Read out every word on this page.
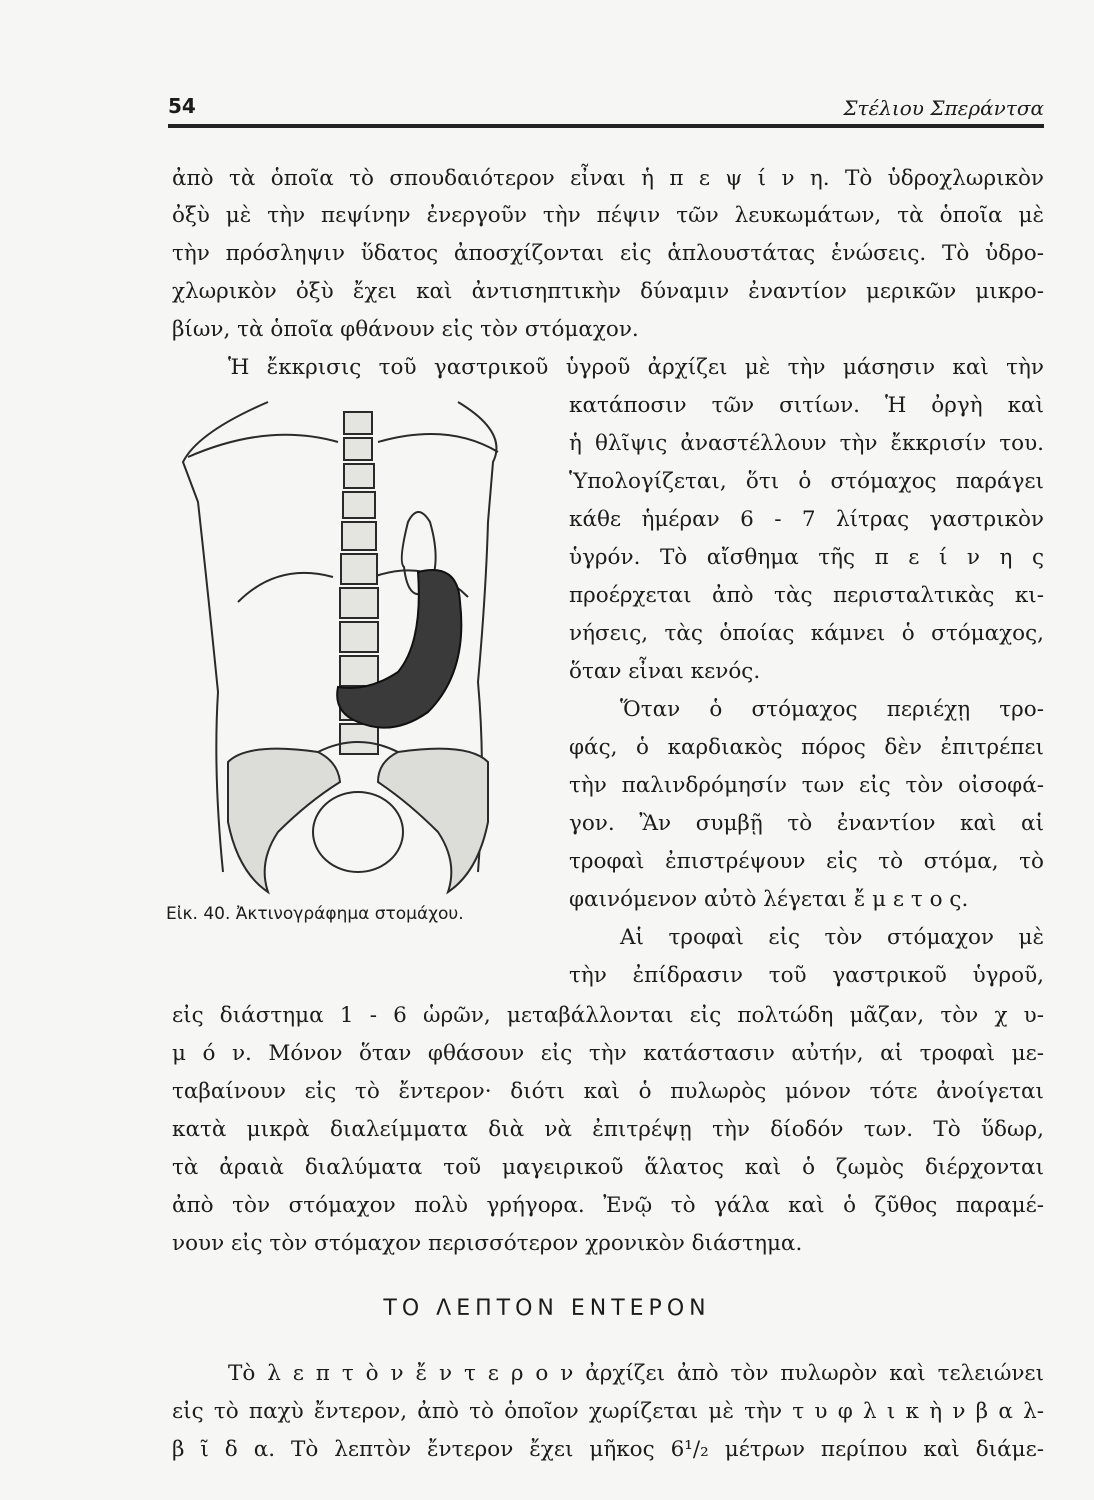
54	Στέλιου Σπεράντσα
ἀπὸ τὰ ὁποῖα τὸ σπουδαιότερον εἶναι ἡ π ε ψ ί ν η. Τὸ ὑδροχλωρικὸν
ὀξὺ μὲ τὴν πεψίνην ἐνεργοῦν τὴν πέψιν τῶν λευκωμάτων, τὰ ὁποῖα μὲ
τὴν πρόσληψιν ὕδατος ἀποσχίζονται εἰς ἁπλουστάτας ἑνώσεις. Τὸ ὑδρο-
χλωρικὸν ὀξὺ ἔχει καὶ ἀντισηπτικὴν δύναμιν ἐναντίον μερικῶν μικρο-
βίων, τὰ ὁποῖα φθάνουν εἰς τὸν στόμαχον.
Ἡ ἔκκρισις τοῦ γαστρικοῦ ὑγροῦ ἀρχίζει μὲ τὴν μάσησιν καὶ τὴν
κατάποσιν τῶν σιτίων. Ἡ ὀργὴ καὶ
ἡ θλῖψις ἀναστέλλουν τὴν ἔκκρισίν του.
Ὑπολογίζεται, ὅτι ὁ στόμαχος παράγει
κάθε ἡμέραν 6 - 7 λίτρας γαστρικὸν
ὑγρόν. Τὸ αἴσθημα τῆς π ε ί ν η ς
προέρχεται ἀπὸ τὰς περισταλτικὰς κι-
νήσεις, τὰς ὁποίας κάμνει ὁ στόμαχος,
ὅταν εἶναι κενός.
Ὅταν ὁ στόμαχος περιέχῃ τρο-
φάς, ὁ καρδιακὸς πόρος δὲν ἐπιτρέπει
τὴν παλινδρόμησίν των εἰς τὸν οἰσοφά-
γον. Ἂν συμβῇ τὸ ἐναντίον καὶ αἱ
τροφαὶ ἐπιστρέψουν εἰς τὸ στόμα, τὸ
φαινόμενον αὐτὸ λέγεται ἔ μ ε τ ο ς.
Αἱ τροφαὶ εἰς τὸν στόμαχον μὲ
τὴν ἐπίδρασιν τοῦ γαστρικοῦ ὑγροῦ,
Εἰκ. 40. Ἀκτινογράφημα στομάχου.
εἰς διάστημα 1 - 6 ὡρῶν, μεταβάλλονται εἰς πολτώδη μᾶζαν, τὸν χ υ-
μ ό ν. Μόνον ὅταν φθάσουν εἰς τὴν κατάστασιν αὐτήν, αἱ τροφαὶ με-
ταβαίνουν εἰς τὸ ἔντερον· διότι καὶ ὁ πυλωρὸς μόνον τότε ἀνοίγεται
κατὰ μικρὰ διαλείμματα διὰ νὰ ἐπιτρέψῃ τὴν δίοδόν των. Τὸ ὕδωρ,
τὰ ἀραιὰ διαλύματα τοῦ μαγειρικοῦ ἅλατος καὶ ὁ ζωμὸς διέρχονται
ἀπὸ τὸν στόμαχον πολὺ γρήγορα. Ἐνῷ τὸ γάλα καὶ ὁ ζῦθος παραμέ-
νουν εἰς τὸν στόμαχον περισσότερον χρονικὸν διάστημα.
ΤΟ ΛΕΠΤΟΝ ΕΝΤΕΡΟΝ
Τὸ λ ε π τ ὸ ν ἔ ν τ ε ρ ο ν ἀρχίζει ἀπὸ τὸν πυλωρὸν καὶ τελειώνει
εἰς τὸ παχὺ ἔντερον, ἀπὸ τὸ ὁποῖον χωρίζεται μὲ τὴν τ υ φ λ ι κ ὴ ν β α λ-
β ῖ δ α. Τὸ λεπτὸν ἔντερον ἔχει μῆκος 6¹/₂ μέτρων περίπου καὶ διάμε-
